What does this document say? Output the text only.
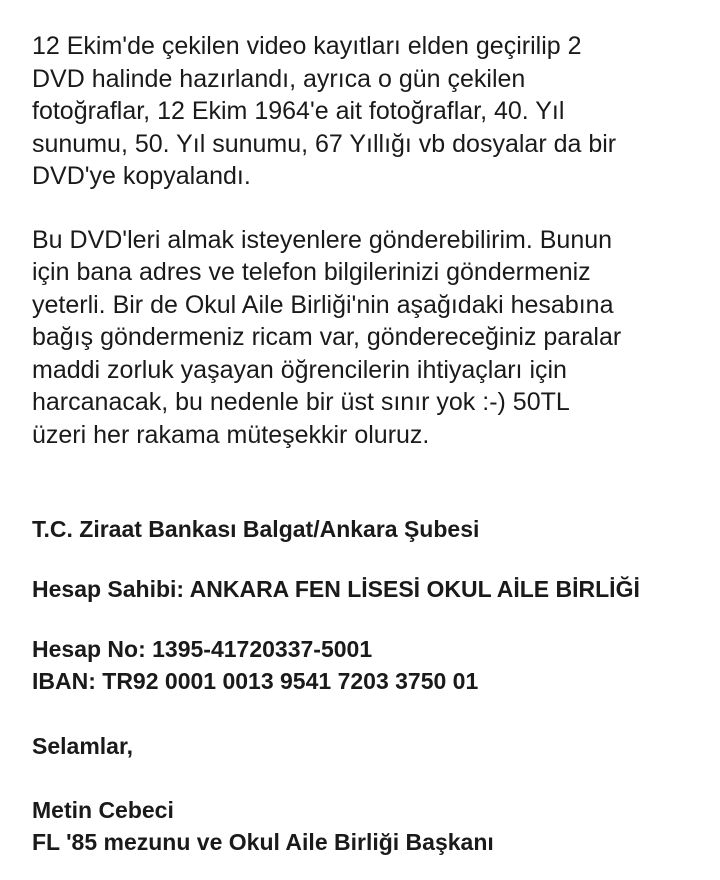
12 Ekim'de çekilen video kayıtları elden geçirilip 2
DVD halinde hazırlandı, ayrıca o gün çekilen
fotoğraflar, 12 Ekim 1964'e ait fotoğraflar, 40. Yıl
sunumu, 50. Yıl sunumu, 67 Yıllığı vb dosyalar da bir
DVD'ye kopyalandı.

Bu DVD'leri almak isteyenlere gönderebilirim. Bunun
için bana adres ve telefon bilgilerinizi göndermeniz
yeterli. Bir de Okul Aile Birliği'nin aşağıdaki hesabına
bağış göndermeniz ricam var, göndereceğiniz paralar
maddi zorluk yaşayan öğrencilerin ihtiyaçları için
harcanacak, bu nedenle bir üst sınır yok :-) 50TL
üzeri her rakama müteşekkir oluruz.

T.C. Ziraat Bankası Balgat/Ankara Şubesi

Hesap Sahibi: ANKARA FEN LİSESİ OKUL AİLE BİRLİĞİ

Hesap No: 1395-41720337-5001

IBAN: TR92 0001 0013 9541 7203 3750 01

Selamlar,

Metin Cebeci

FL '85 mezunu ve Okul Aile Birliği Başkanı
